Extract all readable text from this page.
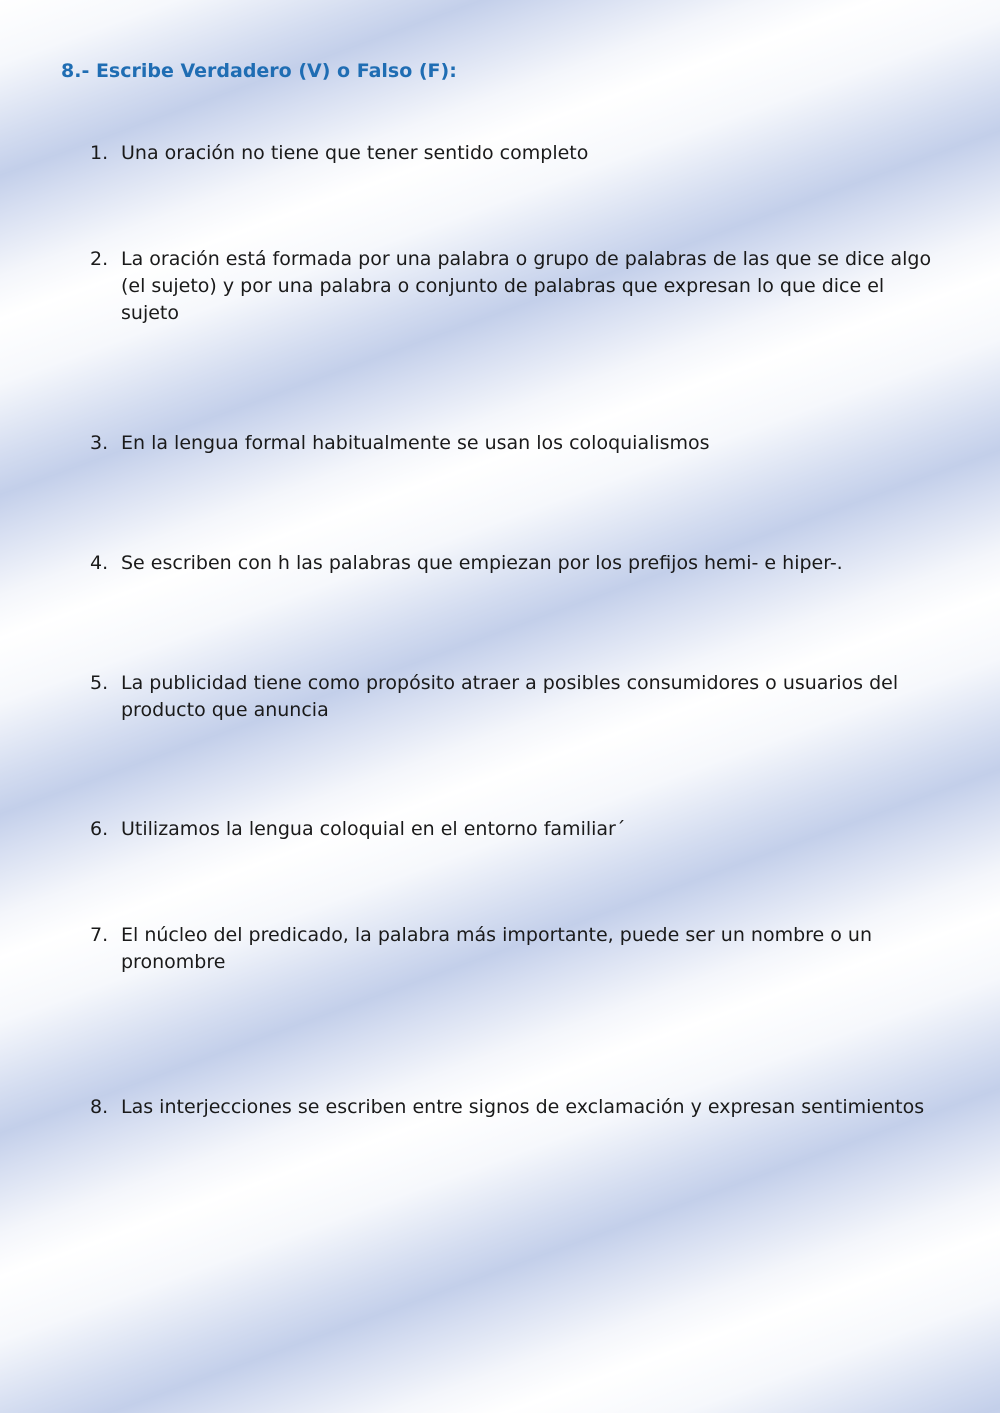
8.- Escribe Verdadero (V) o Falso (F):
1. Una oración no tiene que tener sentido completo
2. La oración está formada por una palabra o grupo de palabras de las que se dice algo (el sujeto) y por una palabra o conjunto de palabras que expresan lo que dice el sujeto
3. En la lengua formal habitualmente se usan los coloquialismos
4. Se escriben con h las palabras que empiezan por los prefijos hemi- e hiper-.
5. La publicidad tiene como propósito atraer a posibles consumidores o usuarios del producto que anuncia
6. Utilizamos la lengua coloquial en el entorno familiar´
7. El núcleo del predicado, la palabra más importante, puede ser un nombre o un pronombre
8. Las interjecciones se escriben entre signos de exclamación y expresan sentimientos
